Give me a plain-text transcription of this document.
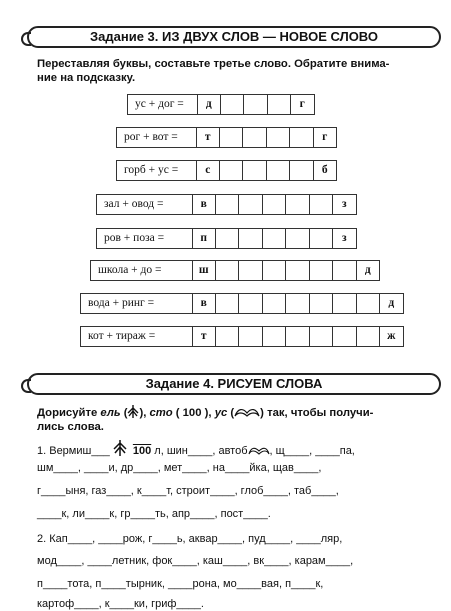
Задание 3. ИЗ ДВУХ СЛОВ — НОВОЕ СЛОВО
Переставляя буквы, составьте третье слово. Обратите внима-
ние на подсказку.
ус + дог =	д	г
рог + вот =	т	г
горб + ус =	с	б
зал + овод =	в	з
ров + поза =	п	з
школа + до =	ш	д
вода + ринг =	в	д
кот + тираж =	т	ж
Задание 4. РИСУЕМ СЛОВА
Дорисуйте ель ( ), сто ( 100 ), ус ( ) так, чтобы получи-
лись слова.
1. Вермиш___   100 л, шин____, автоб , щ____, ____па,
шм____, ____и, др____, мет____, на____йка, щав____,
г____ыня, газ____, к____т, строит____, глоб____, таб____,
____к, ли____к, гр____ть, апр____, пост____.
2. Кап____, ____рож, г____ь, аквар____, пуд____, ____ляр,
мод____, ____летник, фок____, каш____, вк____, карам____,
п____тота, п____тырник, ____рона, мо____вая, п____к,
картоф____, к____ки, гриф____.
